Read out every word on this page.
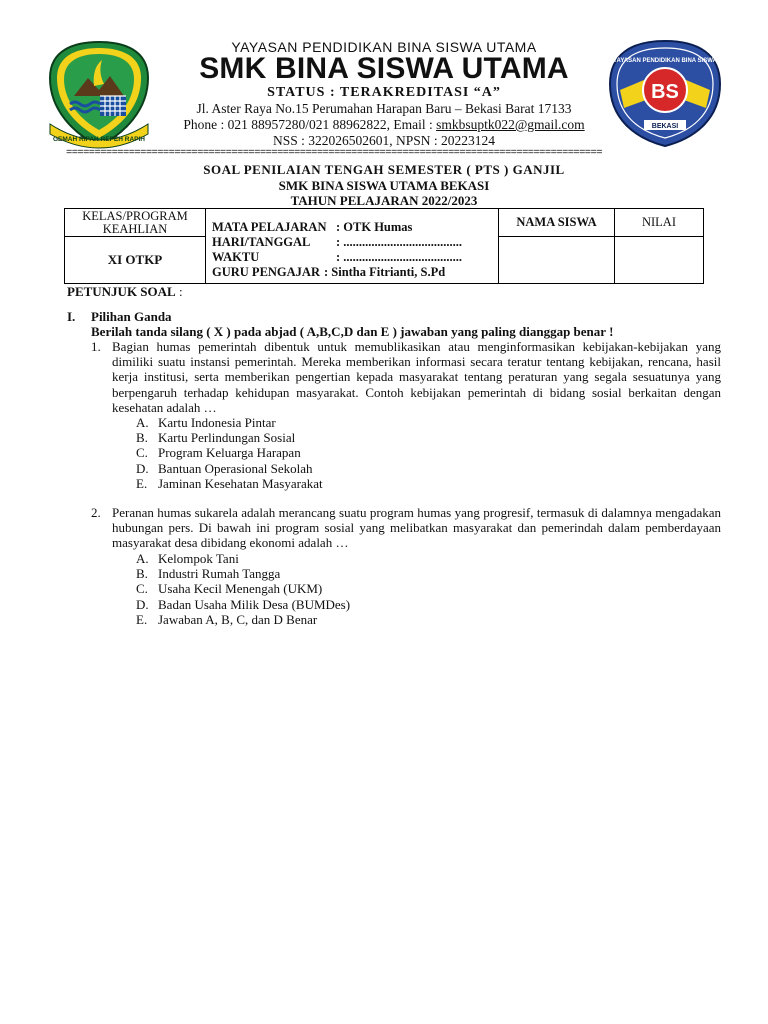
GEMAH RIPAH REPEH RAPIH
BS
YAYASAN PENDIDIKAN BINA SISWA
BEKASI
YAYASAN PENDIDIKAN BINA SISWA UTAMA
SMK BINA SISWA UTAMA
STATUS : TERAKREDITASI “A”
Jl. Aster Raya No.15 Perumahan Harapan Baru – Bekasi Barat 17133
Phone : 021 88957280/021 88962822, Email : smkbsuptk022@gmail.com
NSS : 322026502601, NPSN : 20223124
==============================================================================================
SOAL PENILAIAN TENGAH SEMESTER ( PTS ) GANJIL
SMK BINA SISWA UTAMA BEKASI
TAHUN PELAJARAN 2022/2023
KELAS/PROGRAM KEAHLIAN
XI OTKP
MATA PELAJARAN : OTK Humas
HARI/TANGGAL : ......................................
WAKTU	: ......................................
GURU PENGAJAR : Sintha Fitrianti, S.Pd
NAMA SISWA	NILAI
PETUNJUK SOAL :
I. Pilihan Ganda
Berilah tanda silang ( X ) pada abjad ( A,B,C,D dan E ) jawaban yang paling dianggap benar !
1. Bagian humas pemerintah dibentuk untuk memublikasikan atau menginformasikan kebijakan-kebijakan yang dimiliki suatu instansi pemerintah. Mereka memberikan informasi secara teratur tentang kebijakan, rencana, hasil kerja institusi, serta memberikan pengertian kepada masyarakat tentang peraturan yang segala sesuatunya yang berpengaruh terhadap kehidupan masyarakat. Contoh kebijakan pemerintah di bidang sosial berkaitan dengan kesehatan adalah …
A. Kartu Indonesia Pintar
B. Kartu Perlindungan Sosial
C. Program Keluarga Harapan
D. Bantuan Operasional Sekolah
E. Jaminan Kesehatan Masyarakat
2. Peranan humas sukarela adalah merancang suatu program humas yang progresif, termasuk di dalamnya mengadakan hubungan pers. Di bawah ini program sosial yang melibatkan masyarakat dan pemerindah dalam pemberdayaan masyarakat desa dibidang ekonomi adalah …
A. Kelompok Tani
B. Industri Rumah Tangga
C. Usaha Kecil Menengah (UKM)
D. Badan Usaha Milik Desa (BUMDes)
E. Jawaban A, B, C, dan D Benar
